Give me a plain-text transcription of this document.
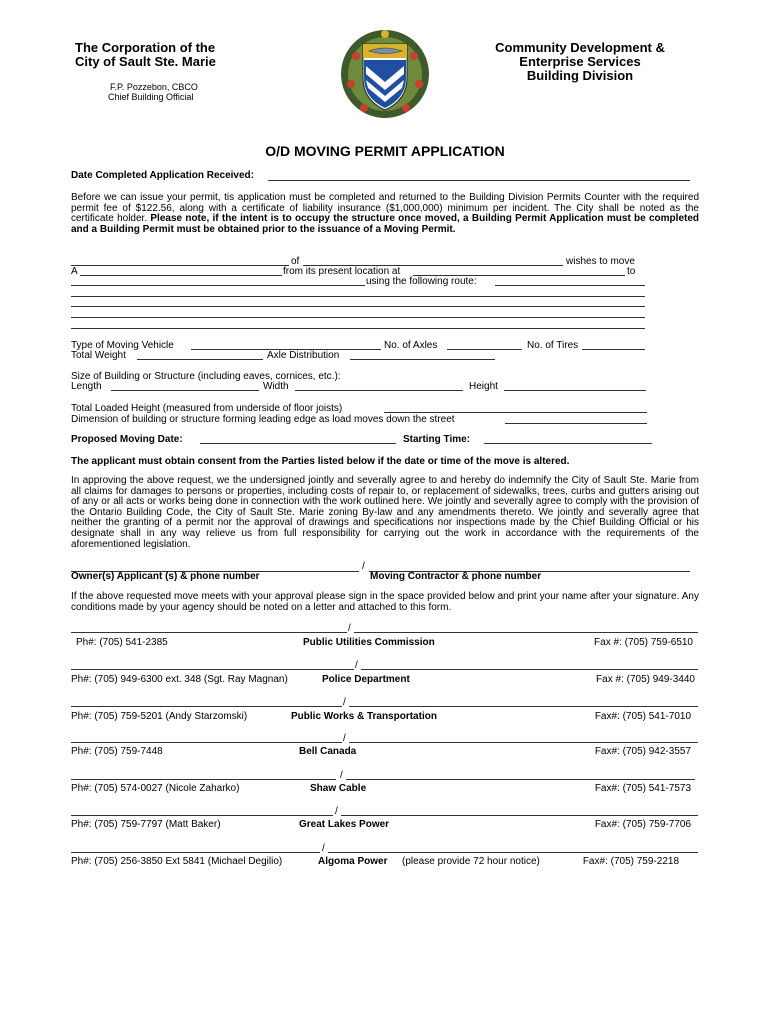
The Corporation of the
City of Sault Ste. Marie
F.P. Pozzebon, CBCO
Chief Building Official
Community Development &
Enterprise Services
Building Division
O/D MOVING PERMIT APPLICATION
Date Completed Application Received:
Before we can issue your permit, tis application must be completed and returned to the Building Division Permits Counter with the required permit fee of $122.56, along with a certificate of liability insurance ($1,000,000) minimum per incident. The City shall be noted as the certificate holder. Please note, if the intent is to occupy the structure once moved, a Building Permit Application must be completed and a Building Permit must be obtained prior to the issuance of a Moving Permit.
of	wishes to move
A	from its present location at	to
using the following route:
Type of Moving Vehicle	No. of Axles	No. of Tires
Total Weight	Axle Distribution
Size of Building or Structure (including eaves, cornices, etc.):
Length	Width	Height
Total Loaded Height (measured from underside of floor joists)
Dimension of building or structure forming leading edge as load moves down the street
Proposed Moving Date:	Starting Time:
The applicant must obtain consent from the Parties listed below if the date or time of the move is altered.
In approving the above request, we the undersigned jointly and severally agree to and hereby do indemnify the City of Sault Ste. Marie from all claims for damages to persons or properties, including costs of repair to, or replacement of sidewalks, trees, curbs and gutters arising out of any or all acts or works being done in connection with the work outlined here. We jointly and severally agree to comply with the provision of the Ontario Building Code, the City of Sault Ste. Marie zoning By-law and any amendments thereto. We jointly and severally agree that neither the granting of a permit nor the approval of drawings and specifications nor inspections made by the Chief Building Official or his designate shall in any way relieve us from full responsibility for carrying out the work in accordance with the requirements of the aforementioned legislation.
/
Owner(s) Applicant (s) & phone number	Moving Contractor & phone number
If the above requested move meets with your approval please sign in the space provided below and print your name after your signature. Any conditions made by your agency should be noted on a letter and attached to this form.
/
Ph#: (705) 541-2385	Public Utilities Commission	Fax #: (705) 759-6510
/
Ph#: (705) 949-6300 ext. 348 (Sgt. Ray Magnan)	Police Department	Fax #: (705) 949-3440
/
Ph#: (705) 759-5201 (Andy Starzomski)	Public Works & Transportation	Fax#: (705) 541-7010
/
Ph#: (705) 759-7448	Bell Canada	Fax#: (705) 942-3557
/
Ph#: (705) 574-0027 (Nicole Zaharko)	Shaw Cable	Fax#: (705) 541-7573
/
Ph#: (705) 759-7797 (Matt Baker)	Great Lakes Power	Fax#: (705) 759-7706
/
Ph#: (705) 256-3850 Ext 5841 (Michael Degilio)	Algoma Power (please provide 72 hour notice)	Fax#: (705) 759-2218
